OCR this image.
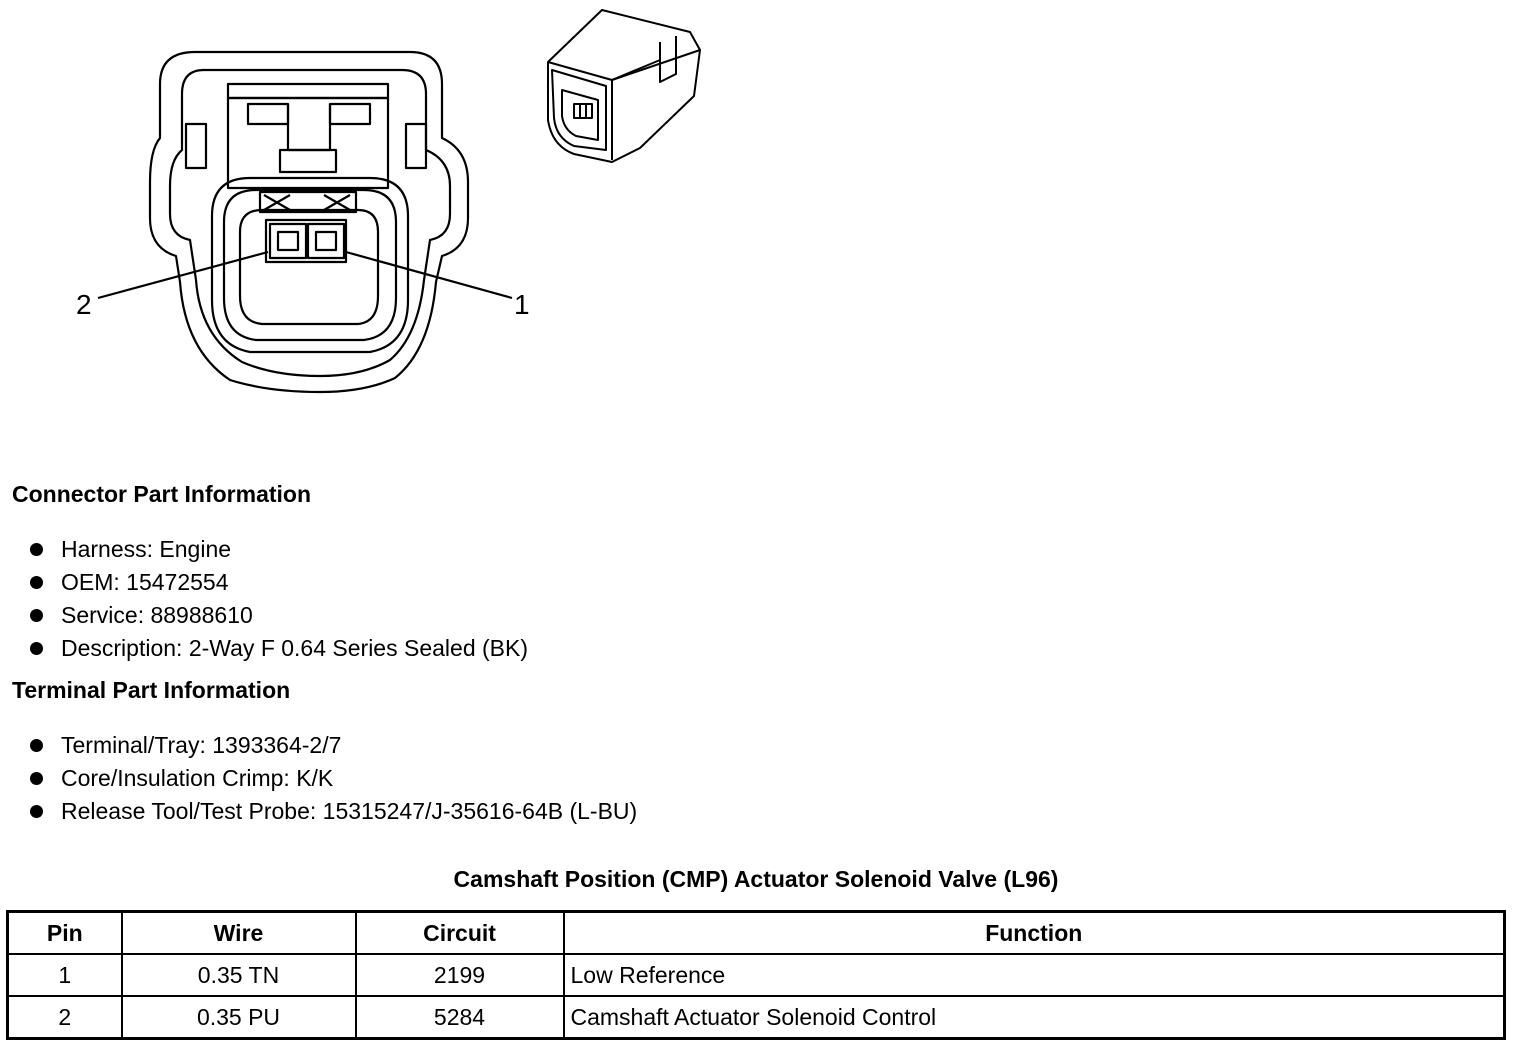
2	1
Connector Part Information
Harness: Engine
OEM: 15472554
Service: 88988610
Description: 2-Way F 0.64 Series Sealed (BK)
Terminal Part Information
Terminal/Tray: 1393364-2/7
Core/Insulation Crimp: K/K
Release Tool/Test Probe: 15315247/J-35616-64B (L-BU)
Camshaft Position (CMP) Actuator Solenoid Valve (L96)
Pin	Wire	Circuit	Function
1	0.35 TN	2199	Low Reference
2	0.35 PU	5284	Camshaft Actuator Solenoid Control
